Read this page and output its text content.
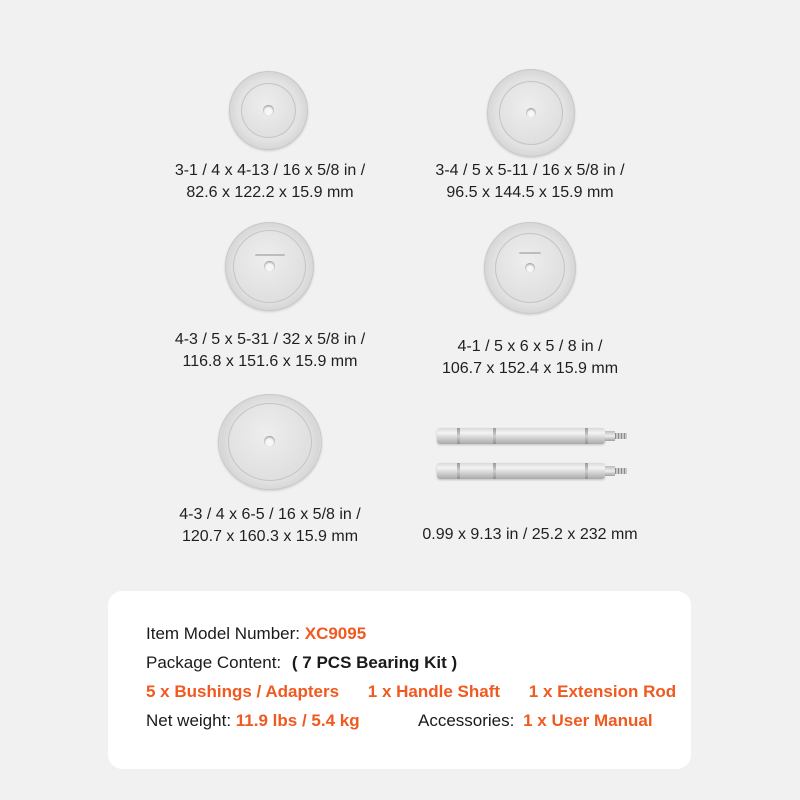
3-1 / 4 x 4-13 / 16 x 5/8 in /
82.6 x 122.2 x 15.9 mm
3-4 / 5 x 5-11 / 16 x 5/8 in /
96.5 x 144.5 x 15.9 mm
4-3 / 5 x 5-31 / 32 x 5/8 in /
116.8 x 151.6 x 15.9 mm
4-1 / 5 x 6 x 5 / 8 in /
106.7 x 152.4 x 15.9 mm
4-3 / 4 x 6-5 / 16 x 5/8 in /
120.7 x 160.3 x 15.9 mm	0.99 x 9.13 in / 25.2 x 232 mm
Item Model Number: XC9095
Package Content: ( 7 PCS Bearing Kit )
5 x Bushings / Adapters 1 x Handle Shaft 1 x Extension Rod
Net weight: 11.9 lbs / 5.4 kg	Accessories: 1 x User Manual
